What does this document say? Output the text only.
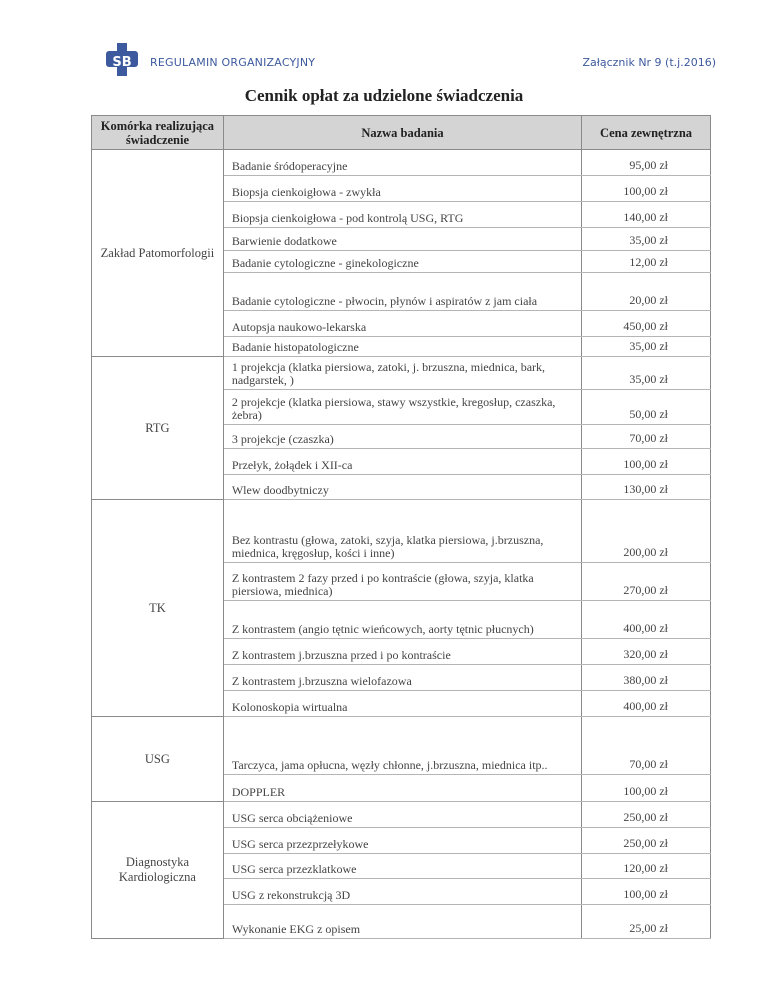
SB REGULAMIN ORGANIZACYJNY	Załącznik Nr 9 (t.j.2016)
Cennik opłat za udzielone świadczenia
Komórka realizująca świadczenie	Nazwa badania	Cena zewnętrzna
Zakład Patomorfologii	Badanie śródoperacyjne	95,00 zł
	Biopsja cienkoigłowa - zwykła	100,00 zł
	Biopsja cienkoigłowa - pod kontrolą USG, RTG	140,00 zł
	Barwienie dodatkowe	35,00 zł
	Badanie cytologiczne - ginekologiczne	12,00 zł
	Badanie cytologiczne - płwocin, płynów i aspiratów z jam ciała	20,00 zł
	Autopsja naukowo-lekarska	450,00 zł
	Badanie histopatologiczne	35,00 zł
RTG	1 projekcja (klatka piersiowa, zatoki, j. brzuszna, miednica, bark, nadgarstek, )	35,00 zł
	2 projekcje (klatka piersiowa, stawy wszystkie, kregosłup, czaszka, żebra)	50,00 zł
	3 projekcje (czaszka)	70,00 zł
	Przełyk, żołądek i XII-ca	100,00 zł
	Wlew doodbytniczy	130,00 zł
TK	Bez kontrastu (głowa, zatoki, szyja, klatka piersiowa, j.brzuszna, miednica, kręgosłup, kości i inne)	200,00 zł
	Z kontrastem 2 fazy przed i po kontraście (głowa, szyja, klatka piersiowa, miednica)	270,00 zł
	Z kontrastem (angio tętnic wieńcowych, aorty tętnic płucnych)	400,00 zł
	Z kontrastem j.brzuszna przed i po kontraście	320,00 zł
	Z kontrastem j.brzuszna wielofazowa	380,00 zł
	Kolonoskopia wirtualna	400,00 zł
USG	Tarczyca, jama opłucna, węzły chłonne, j.brzuszna, miednica itp..	70,00 zł
	DOPPLER	100,00 zł
Diagnostyka Kardiologiczna	USG serca obciążeniowe	250,00 zł
	USG serca przezprzełykowe	250,00 zł
	USG serca przezklatkowe	120,00 zł
	USG z rekonstrukcją 3D	100,00 zł
	Wykonanie EKG z opisem	25,00 zł
